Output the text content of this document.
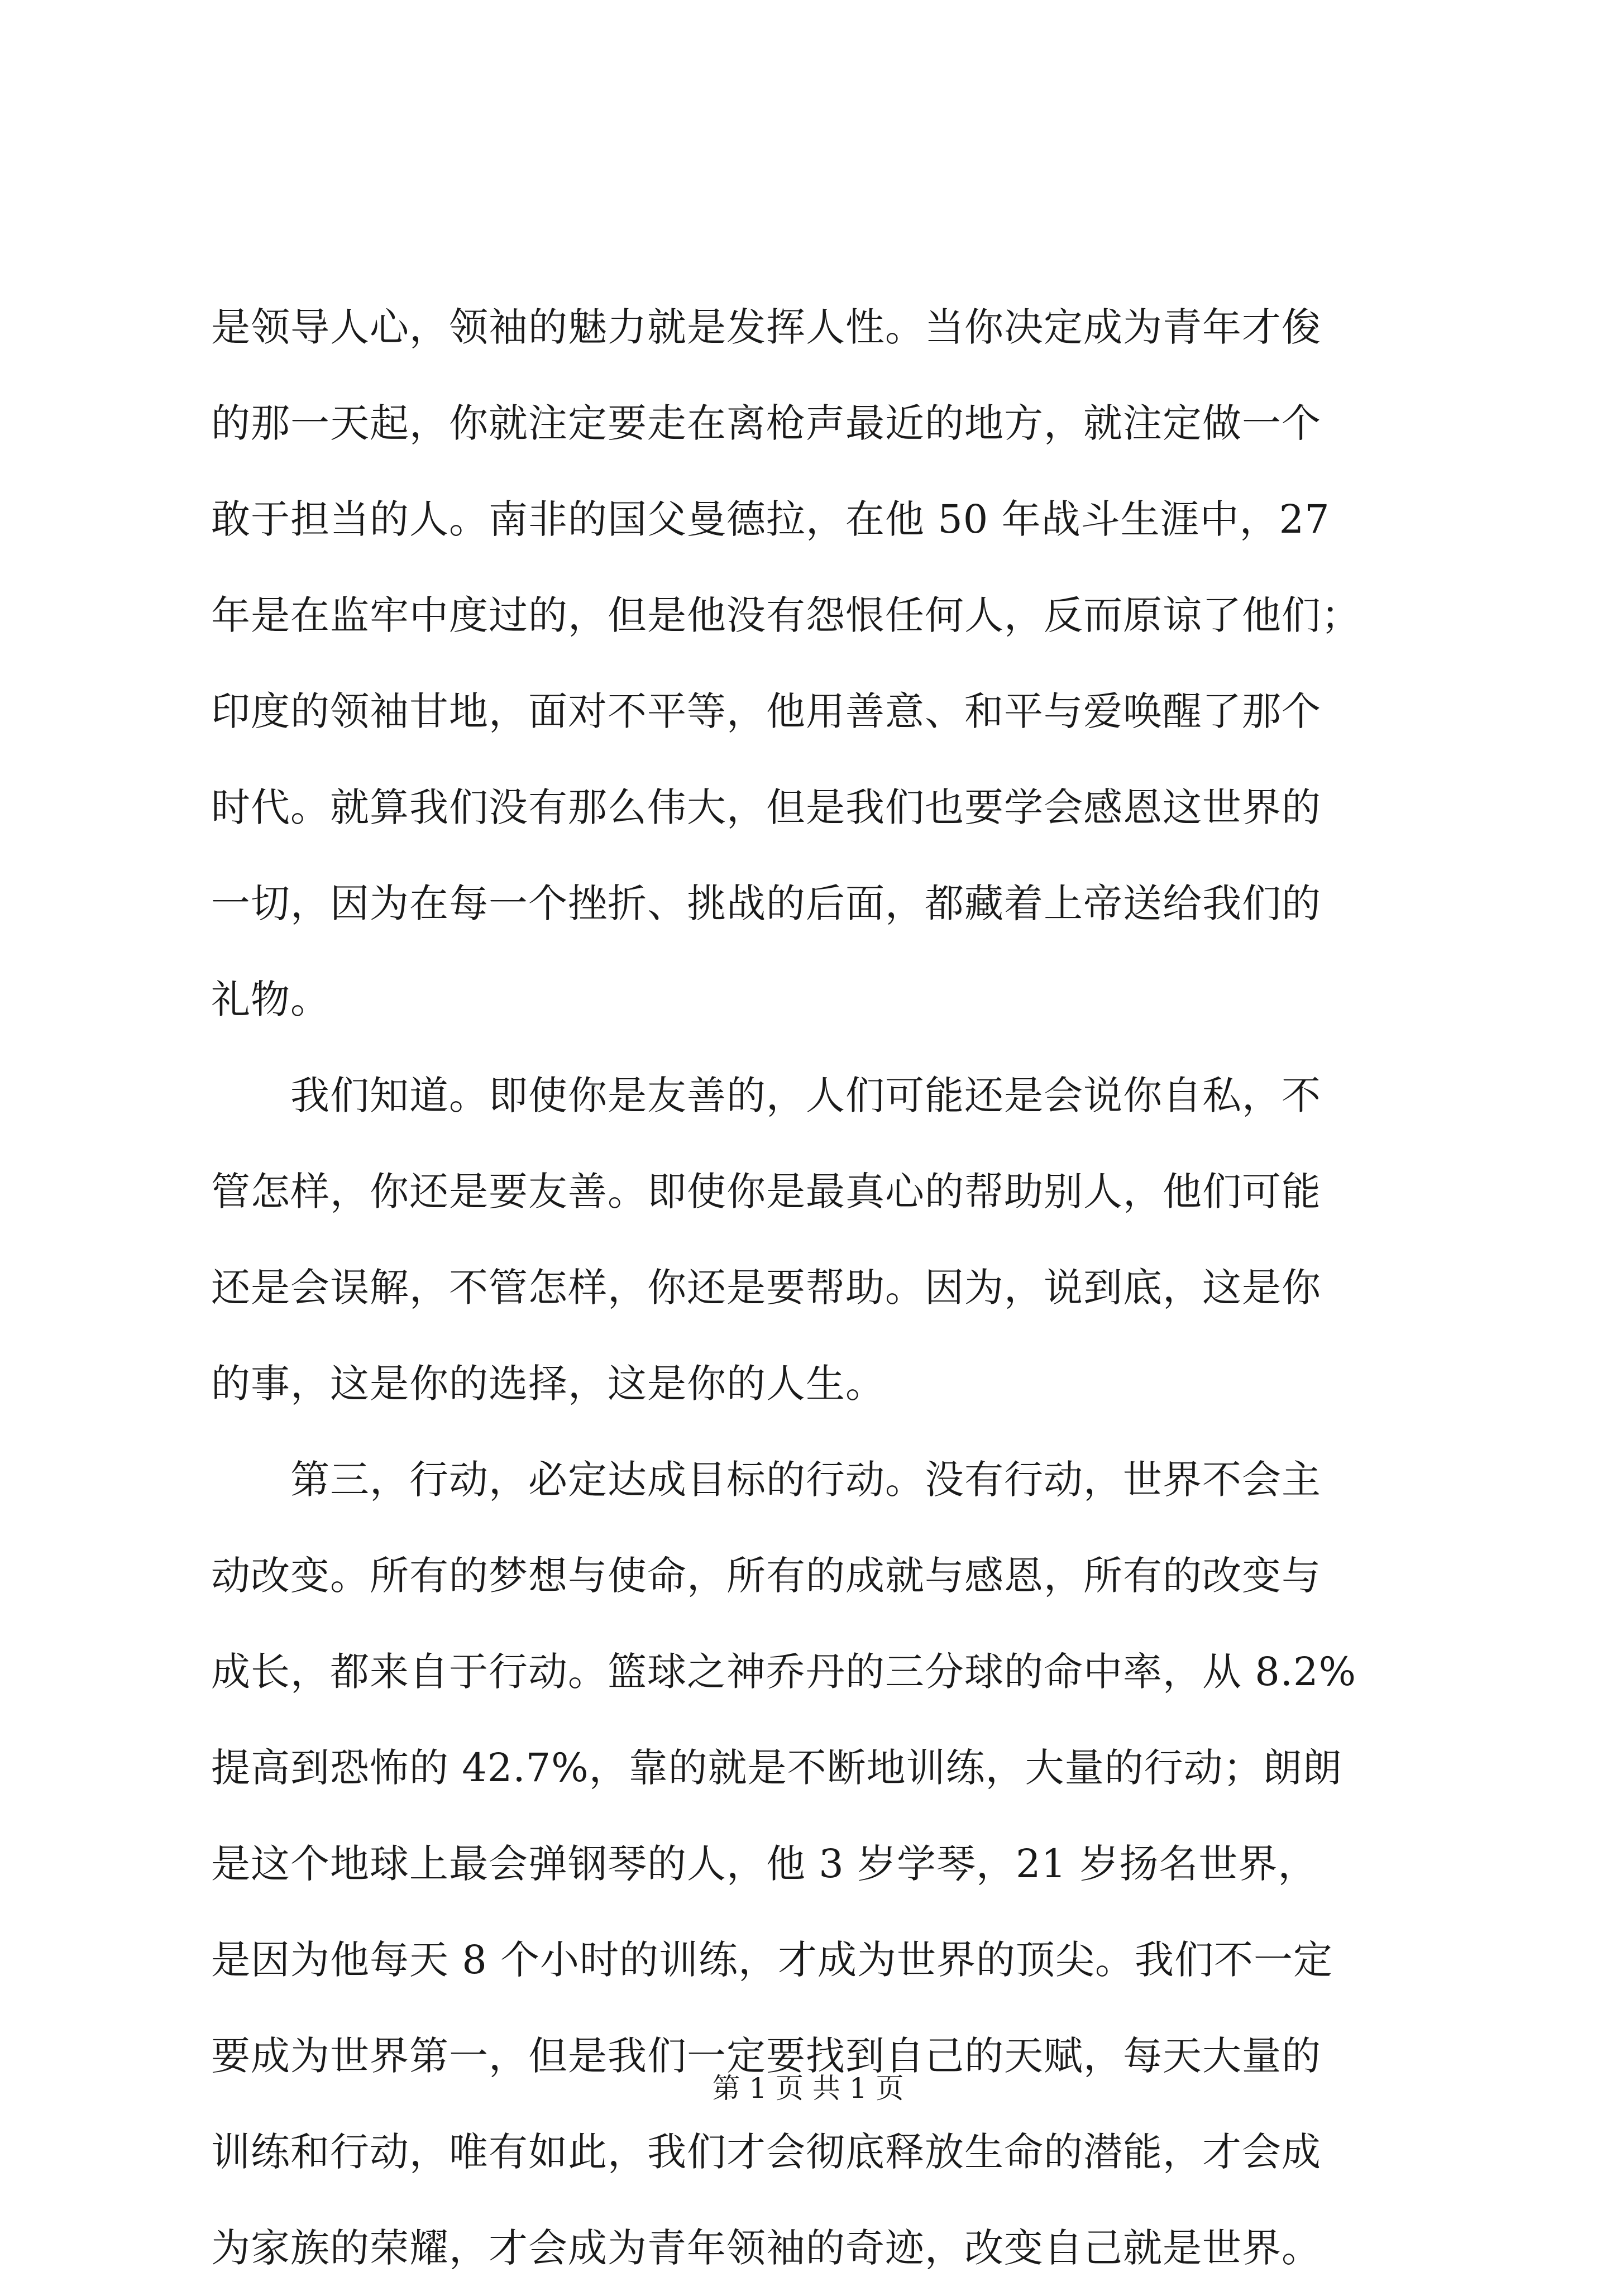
是领导人心，领袖的魅力就是发挥人性。当你决定成为青年才俊
的那一天起，你就注定要走在离枪声最近的地方，就注定做一个
敢于担当的人。南非的国父曼德拉，在他 50 年战斗生涯中，27
年是在监牢中度过的，但是他没有怨恨任何人，反而原谅了他们；
印度的领袖甘地，面对不平等，他用善意、和平与爱唤醒了那个
时代。就算我们没有那么伟大，但是我们也要学会感恩这世界的
一切，因为在每一个挫折、挑战的后面，都藏着上帝送给我们的
礼物。
　　我们知道。即使你是友善的，人们可能还是会说你自私，不
管怎样，你还是要友善。即使你是最真心的帮助别人，他们可能
还是会误解，不管怎样，你还是要帮助。因为，说到底，这是你
的事，这是你的选择，这是你的人生。
　　第三，行动，必定达成目标的行动。没有行动，世界不会主
动改变。所有的梦想与使命，所有的成就与感恩，所有的改变与
成长，都来自于行动。篮球之神乔丹的三分球的命中率，从 8.2%
提高到恐怖的 42.7%，靠的就是不断地训练，大量的行动；朗朗
是这个地球上最会弹钢琴的人，他 3 岁学琴，21 岁扬名世界，
是因为他每天 8 个小时的训练，才成为世界的顶尖。我们不一定
要成为世界第一，但是我们一定要找到自己的天赋，每天大量的
训练和行动，唯有如此，我们才会彻底释放生命的潜能，才会成
为家族的荣耀，才会成为青年领袖的奇迹，改变自己就是世界。
第 1 页 共 1 页
